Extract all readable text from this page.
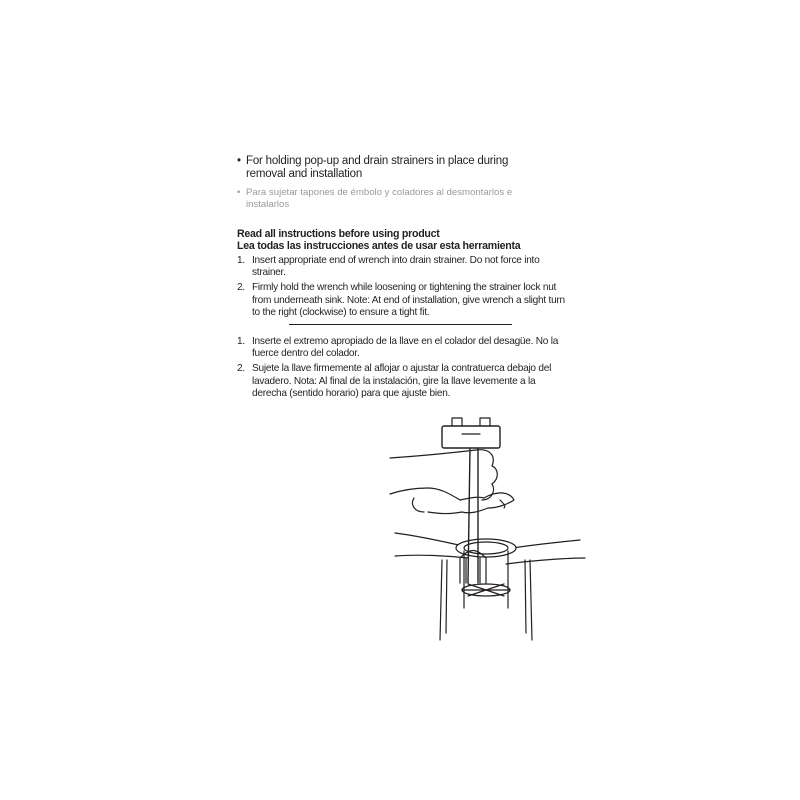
• For holding pop-up and drain strainers in place during removal and installation
• Para sujetar tapones de émbolo y coladores al desmontarlos e instalarlos
Read all instructions before using product
Lea todas las instrucciones antes de usar esta herramienta
1. Insert appropriate end of wrench into drain strainer. Do not force into strainer.
2. Firmly hold the wrench while loosening or tightening the strainer lock nut from underneath sink. Note: At end of installation, give wrench a slight turn to the right (clockwise) to ensure a tight fit.
1. Inserte el extremo apropiado de la llave en el colador del desagüe. No la fuerce dentro del colador.
2. Sujete la llave firmemente al aflojar o ajustar la contratuerca debajo del lavadero. Nota: Al final de la instalación, gire la llave levemente a la derecha (sentido horario) para que ajuste bien.
